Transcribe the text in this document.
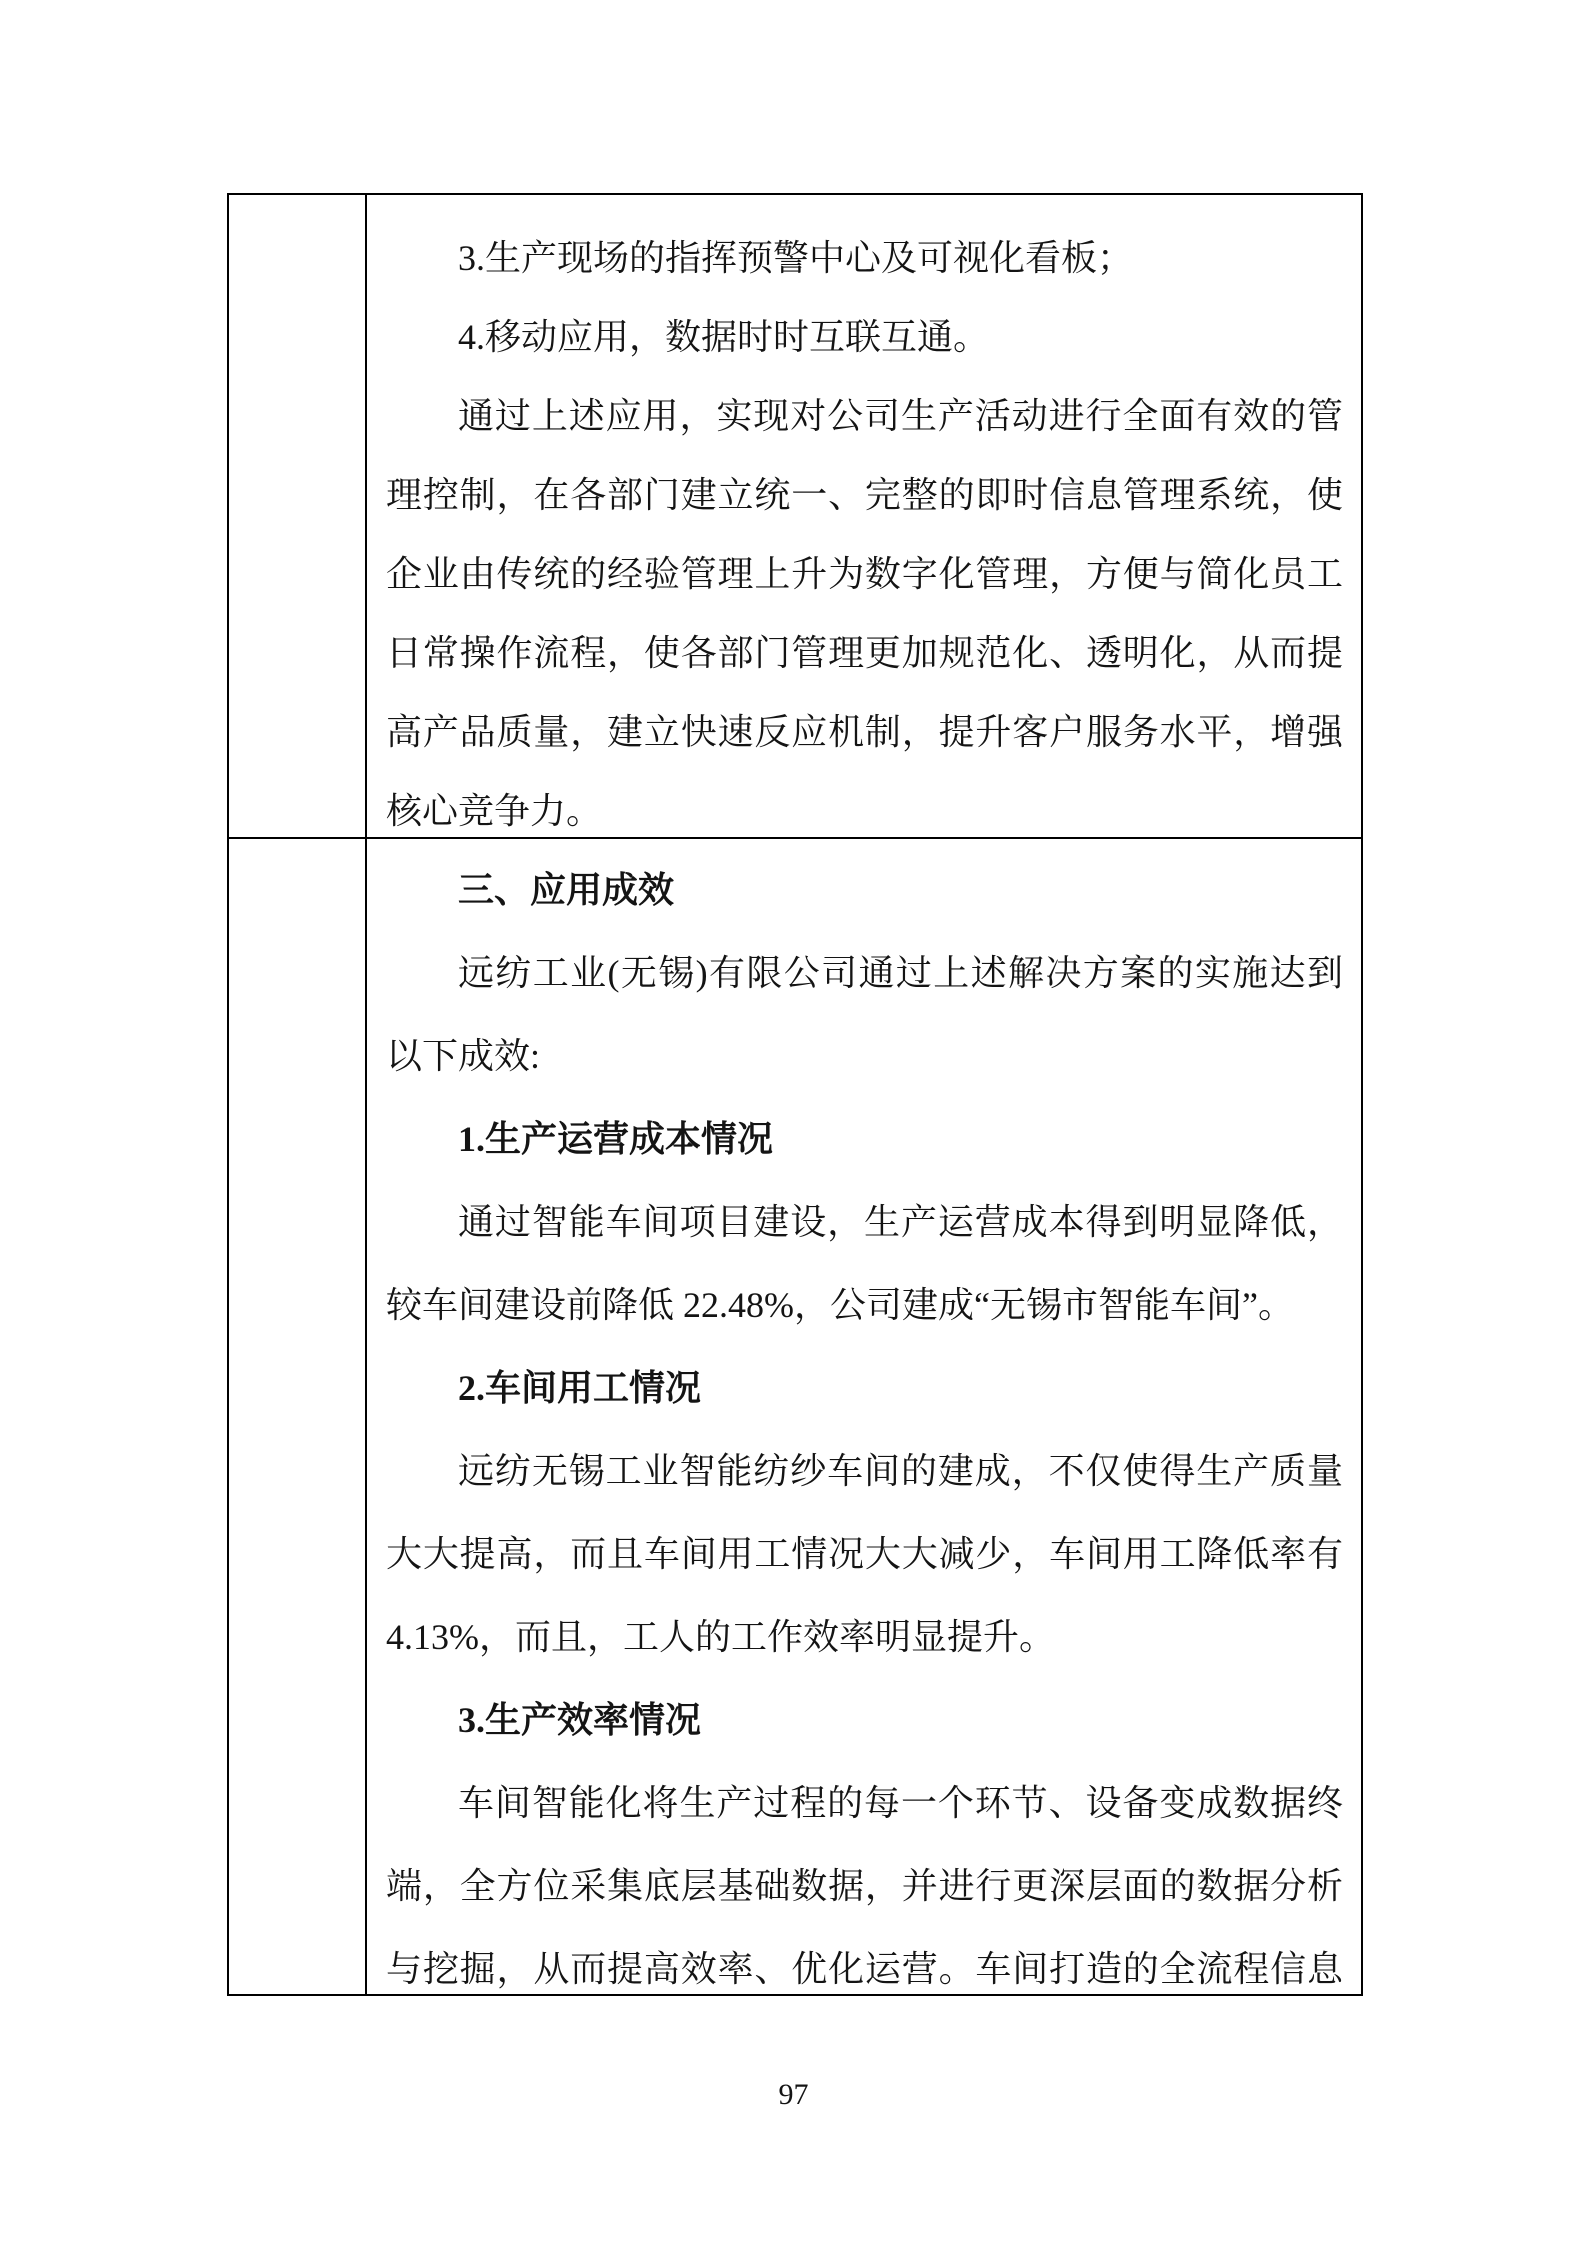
3.生产现场的指挥预警中心及可视化看板；

4.移动应用，数据时时互联互通。

通过上述应用，实现对公司生产活动进行全面有效的管

理控制，在各部门建立统一、完整的即时信息管理系统，使

企业由传统的经验管理上升为数字化管理，方便与简化员工

日常操作流程，使各部门管理更加规范化、透明化，从而提

高产品质量，建立快速反应机制，提升客户服务水平，增强

核心竞争力。

三、应用成效

远纺工业(无锡)有限公司通过上述解决方案的实施达到

以下成效:

1.生产运营成本情况

通过智能车间项目建设，生产运营成本得到明显降低，

较车间建设前降低 22.48%，公司建成“无锡市智能车间”。

2.车间用工情况

远纺无锡工业智能纺纱车间的建成，不仅使得生产质量

大大提高，而且车间用工情况大大减少，车间用工降低率有

4.13%，而且，工人的工作效率明显提升。

3.生产效率情况

车间智能化将生产过程的每一个环节、设备变成数据终

端，全方位采集底层基础数据，并进行更深层面的数据分析

与挖掘，从而提高效率、优化运营。车间打造的全流程信息

97
